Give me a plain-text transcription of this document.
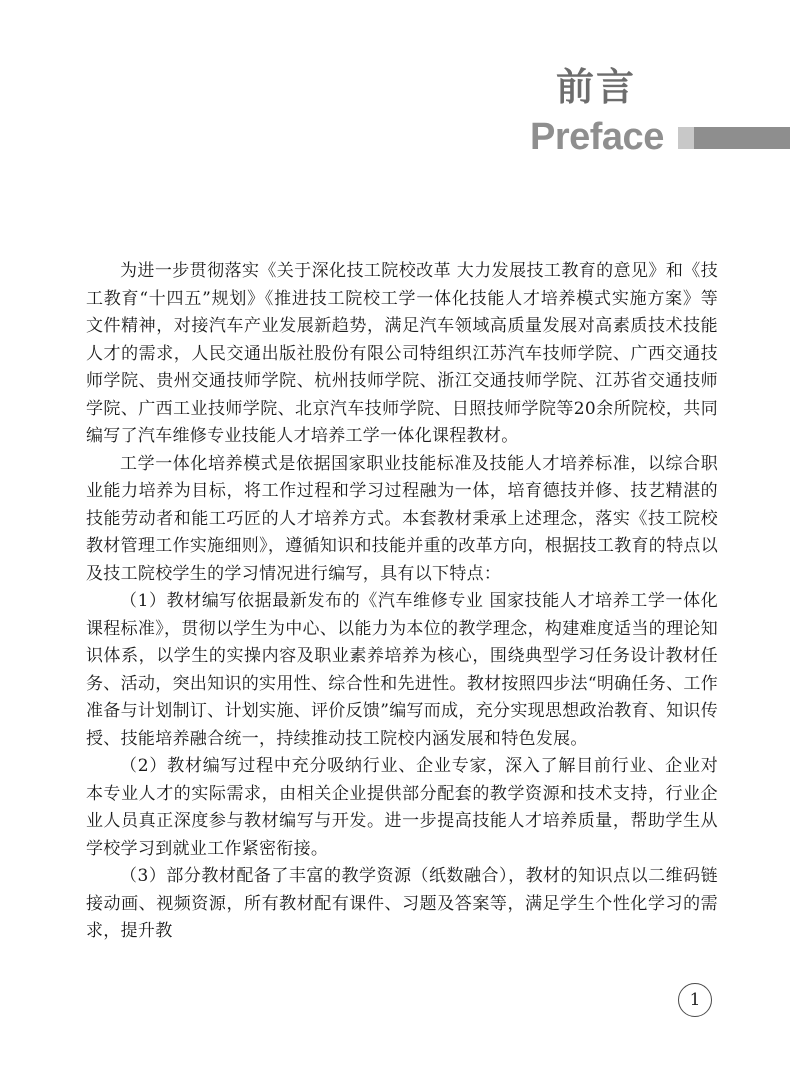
前言
Preface

为进一步贯彻落实《关于深化技工院校改革 大力发展技工教育的意见》和《技工教育“十四五”规划》《推进技工院校工学一体化技能人才培养模式实施方案》等文件精神，对接汽车产业发展新趋势，满足汽车领域高质量发展对高素质技术技能人才的需求，人民交通出版社股份有限公司特组织江苏汽车技师学院、广西交通技师学院、贵州交通技师学院、杭州技师学院、浙江交通技师学院、江苏省交通技师学院、广西工业技师学院、北京汽车技师学院、日照技师学院等20余所院校，共同编写了汽车维修专业技能人才培养工学一体化课程教材。

工学一体化培养模式是依据国家职业技能标准及技能人才培养标准，以综合职业能力培养为目标，将工作过程和学习过程融为一体，培育德技并修、技艺精湛的技能劳动者和能工巧匠的人才培养方式。本套教材秉承上述理念，落实《技工院校教材管理工作实施细则》，遵循知识和技能并重的改革方向，根据技工教育的特点以及技工院校学生的学习情况进行编写，具有以下特点：

（1）教材编写依据最新发布的《汽车维修专业 国家技能人才培养工学一体化课程标准》，贯彻以学生为中心、以能力为本位的教学理念，构建难度适当的理论知识体系，以学生的实操内容及职业素养培养为核心，围绕典型学习任务设计教材任务、活动，突出知识的实用性、综合性和先进性。教材按照四步法“明确任务、工作准备与计划制订、计划实施、评价反馈”编写而成，充分实现思想政治教育、知识传授、技能培养融合统一，持续推动技工院校内涵发展和特色发展。

（2）教材编写过程中充分吸纳行业、企业专家，深入了解目前行业、企业对本专业人才的实际需求，由相关企业提供部分配套的教学资源和技术支持，行业企业人员真正深度参与教材编写与开发。进一步提高技能人才培养质量，帮助学生从学校学习到就业工作紧密衔接。

（3）部分教材配备了丰富的教学资源（纸数融合），教材的知识点以二维码链接动画、视频资源，所有教材配有课件、习题及答案等，满足学生个性化学习的需求，提升教

1
